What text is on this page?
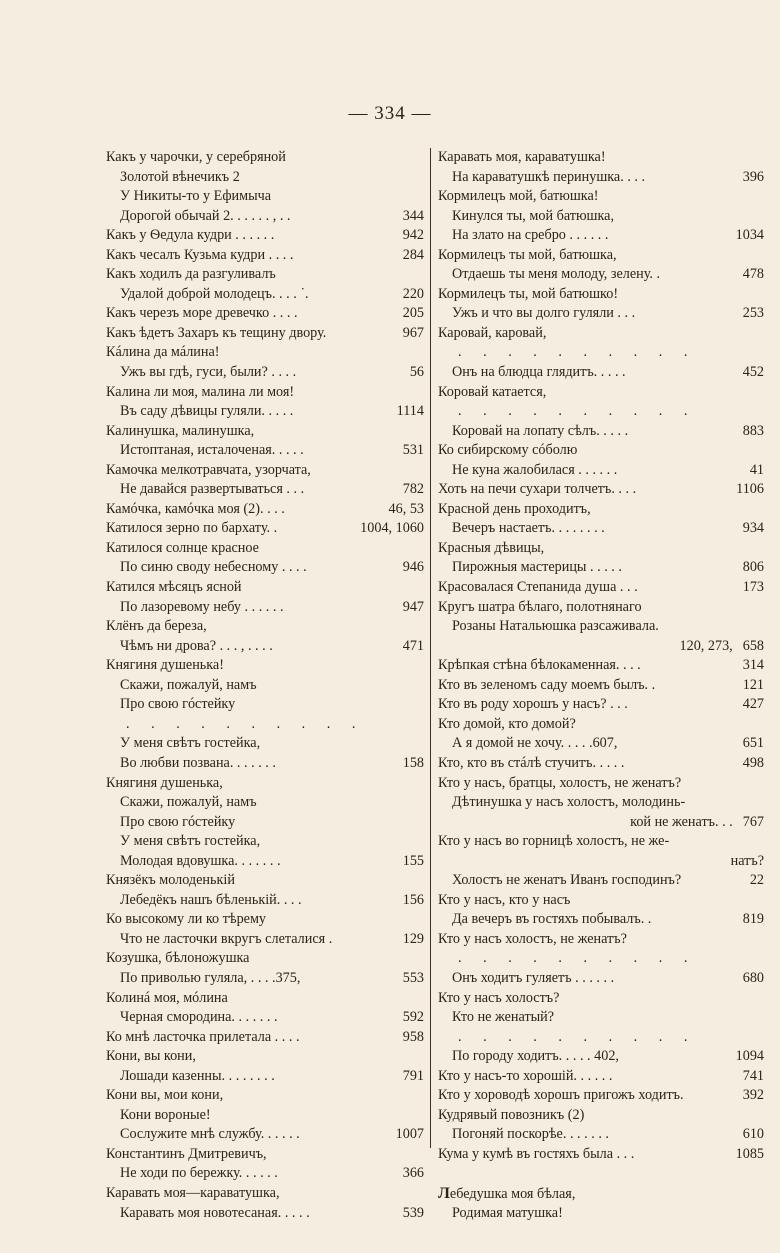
— 334 —
Какъ у чарочки, у серебряной
Золотой вѣнечикъ 2
У Никиты-то у Ефимыча
Дорогой обычай 2. . . . . . , . .	344
Какъ у Ѳедула кудри . . . . . .	942
Какъ чесалъ Кузьма кудри . . . .	284
Какъ ходилъ да разгуливалъ
Удалой доброй молодецъ. . . . ˙.	220
Какъ черезъ море древечко . . . .	205
Какъ ѣдетъ Захаръ къ тещину двору.	967
Кáлина да мáлина!
Ужъ вы гдѣ, гуси, были? . . . .	56
Калина ли моя, малина ли моя!
Въ саду дѣвицы гуляли. . . . .	1114
Калинушка, малинушка,
Истоптаная, исталоченая. . . . .	531
Камочка мелкотравчата, узорчата,
Не давайся развертываться . . .	782
Камóчка, камóчка моя (2). . . .	46, 53
Катилося зерно по бархату. .	1004, 1060
Катилося солнце красное
По синю своду небесному . . . .	946
Катился мѣсяцъ ясной
По лазоревому небу . . . . . .	947
Клёнъ да береза,
Чѣмъ ни дрова? . . . , . . . .	471
Княгиня душенька!
Скажи, пожалуй, намъ
Про свою гóстейку
. . . . . . . . . .
У меня свѣтъ гостейка,
Во любви позвана. . . . . . .	158
Княгиня душенька,
Скажи, пожалуй, намъ
Про свою гóстейку
У меня свѣтъ гостейка,
Молодая вдовушка. . . . . . .	155
Князёкъ молоденькій
Лебедёкъ нашъ бѣленькій. . . .	156
Ко высокому ли ко тѣрему
Что не ласточки вкругъ слеталися .	129
Козушка, бѣлоножушка
По приволью гуляла, . . . .375,	553
Колинá моя, мóлина
Черная смородина. . . . . . .	592
Ко мнѣ ласточка прилетала . . . .	958
Кони, вы кони,
Лошади казенны. . . . . . . .	791
Кони вы, мои кони,
Кони вороные!
Сослужите мнѣ службу. . . . . .	1007
Константинъ Дмитревичъ,
Не ходи по бережку. . . . . .	366
Каравать моя—караватушка,
Каравать моя новотесаная. . . . .	539
Каравать моя, караватушка!
На караватушкѣ перинушка. . . .	396
Кормилецъ мой, батюшка!
Кинулся ты, мой батюшка,
На злато на сребро . . . . . .	1034
Кормилецъ ты мой, батюшка,
Отдаешь ты меня молоду, зелену. .	478
Кормилецъ ты, мой батюшко!
Ужъ и что вы долго гуляли . . .	253
Каровай, каровай,
. . . . . . . . . .
Онъ на блюдца глядитъ. . . . .	452
Коровай катается,
. . . . . . . . . .
Коровай на лопату сѣлъ. . . . .	883
Ко сибирскому сóболю
Не куна жалобилася . . . . . .	41
Хоть на печи сухари толчетъ. . . .	1106
Красной день проходитъ,
Вечеръ настаетъ. . . . . . . .	934
Красныя дѣвицы,
Пирожныя мастерицы . . . . .	806
Красовалася Степанида душа . . .	173
Кругъ шатра бѣлаго, полотнянаго
Розаны Натальюшка разсаживала.
120, 273, 658
Крѣпкая стѣна бѣлокаменная. . . .	314
Кто въ зеленомъ саду моемъ былъ. .	121
Кто въ роду хорошъ у насъ? . . .	427
Кто домой, кто домой?
А я домой не хочу. . . . .607,	651
Кто, кто въ стáлѣ стучитъ. . . . .	498
Кто у насъ, братцы, холостъ, не женатъ?
Дѣтинушка у насъ холостъ, молодинь-
кой не женатъ. . . 767
Кто у насъ во горницѣ холостъ, не же-
натъ?
Холостъ не женатъ Иванъ господинъ?	22
Кто у насъ, кто у насъ
Да вечеръ въ гостяхъ побывалъ. .	819
Кто у насъ холостъ, не женатъ?
. . . . . . . . . .
Онъ ходитъ гуляетъ . . . . . .	680
Кто у насъ холостъ?
Кто не женатый?
. . . . . . . . . .
По городу ходитъ. . . . . 402,	1094
Кто у насъ-то хорошій. . . . . .	741
Кто у хороводѣ хорошъ пригожъ ходитъ.	392
Кудрявый повозникъ (2)
Погоняй поскорѣе. . . . . . .	610
Кума у кумѣ въ гостяхъ была . . .	1085
Лебедушка моя бѣлая,
Родимая матушка!
